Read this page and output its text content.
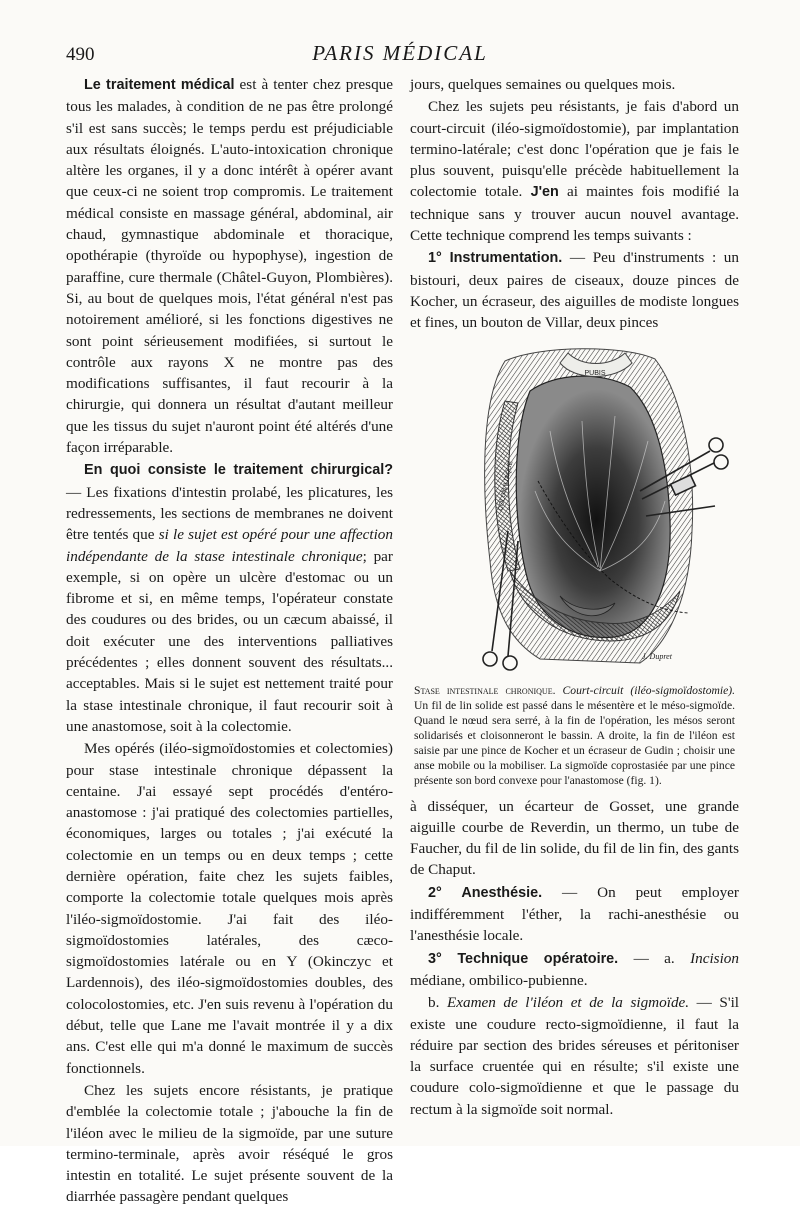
490	PARIS MÉDICAL

Le traitement médical est à tenter chez presque tous les malades, à condition de ne pas être prolongé s'il est sans succès; le temps perdu est préjudiciable aux résultats éloignés. L'auto-intoxication chronique altère les organes, il y a donc intérêt à opérer avant que ceux-ci ne soient trop compromis. Le traitement médical consiste en massage général, abdominal, air chaud, gymnastique abdominale et thoracique, opothérapie (thyroïde ou hypophyse), ingestion de paraffine, cure thermale (Châtel-Guyon, Plombières). Si, au bout de quelques mois, l'état général n'est pas notoirement amélioré, si les fonctions digestives ne sont point sérieusement modifiées, si surtout le contrôle aux rayons X ne montre pas des modifications suffisantes, il faut recourir à la chirurgie, qui donnera un résultat d'autant meilleur que les tissus du sujet n'auront point été altérés d'une façon irréparable.

En quoi consiste le traitement chirurgical? — Les fixations d'intestin prolabé, les plicatures, les redressements, les sections de membranes ne doivent être tentés que si le sujet est opéré pour une affection indépendante de la stase intestinale chronique; par exemple, si on opère un ulcère d'estomac ou un fibrome et si, en même temps, l'opérateur constate des coudures ou des brides, ou un cæcum abaissé, il doit exécuter une des interventions palliatives précédentes ; elles donnent souvent des résultats... acceptables. Mais si le sujet est nettement traité pour la stase intestinale chronique, il faut recourir soit à une anastomose, soit à la colectomie.

Mes opérés (iléo-sigmoïdostomies et colectomies) pour stase intestinale chronique dépassent la centaine. J'ai essayé sept procédés d'entéro-anastomose : j'ai pratiqué des colectomies partielles, économiques, larges ou totales ; j'ai exécuté la colectomie en un temps ou en deux temps ; cette dernière opération, faite chez les sujets faibles, comporte la colectomie totale quelques mois après l'iléo-sigmoïdostomie. J'ai fait des iléo-sigmoïdostomies latérales, des cæco-sigmoïdostomies latérale ou en Y (Okinczyc et Lardennois), des iléo-sigmoïdostomies doubles, des colocolostomies, etc. J'en suis revenu à l'opération du début, telle que Lane me l'avait montrée il y a dix ans. C'est elle qui m'a donné le maximum de succès fonctionnels.

Chez les sujets encore résistants, je pratique d'emblée la colectomie totale ; j'abouche la fin de l'iléon avec le milieu de la sigmoïde, par une suture termino-terminale, après avoir réséqué le gros intestin en totalité. Le sujet présente souvent de la diarrhée passagère pendant quelques

jours, quelques semaines ou quelques mois.

Chez les sujets peu résistants, je fais d'abord un court-circuit (iléo-sigmoïdostomie), par implantation termino-latérale; c'est donc l'opération que je fais le plus souvent, puisqu'elle précède habituellement la colectomie totale. J'en ai maintes fois modifié la technique sans y trouver aucun nouvel avantage. Cette technique comprend les temps suivants :

1° Instrumentation. — Peu d'instruments : un bistouri, deux paires de ciseaux, douze pinces de Kocher, un écraseur, des aiguilles de modiste longues et fines, un bouton de Villar, deux pinces

PUBIS
COLON ILIAQUE
J. Dupret

Stase intestinale chronique. Court-circuit (iléo-sigmoïdostomie). Un fil de lin solide est passé dans le mésentère et le méso-sigmoïde. Quand le nœud sera serré, à la fin de l'opération, les mésos seront solidarisés et cloisonneront le bassin. A droite, la fin de l'iléon est saisie par une pince de Kocher et un écraseur de Gudin ; choisir une anse mobile ou la mobiliser. La sigmoïde coprostasiée par une pince présente son bord convexe pour l'anastomose (fig. 1).

à disséquer, un écarteur de Gosset, une grande aiguille courbe de Reverdin, un thermo, un tube de Faucher, du fil de lin solide, du fil de lin fin, des gants de Chaput.

2° Anesthésie. — On peut employer indifféremment l'éther, la rachi-anesthésie ou l'anesthésie locale.

3° Technique opératoire. — a. Incision médiane, ombilico-pubienne.

b. Examen de l'iléon et de la sigmoïde. — S'il existe une coudure recto-sigmoïdienne, il faut la réduire par section des brides séreuses et péritoniser la surface cruentée qui en résulte; s'il existe une coudure colo-sigmoïdienne et que le passage du rectum à la sigmoïde soit normal.
